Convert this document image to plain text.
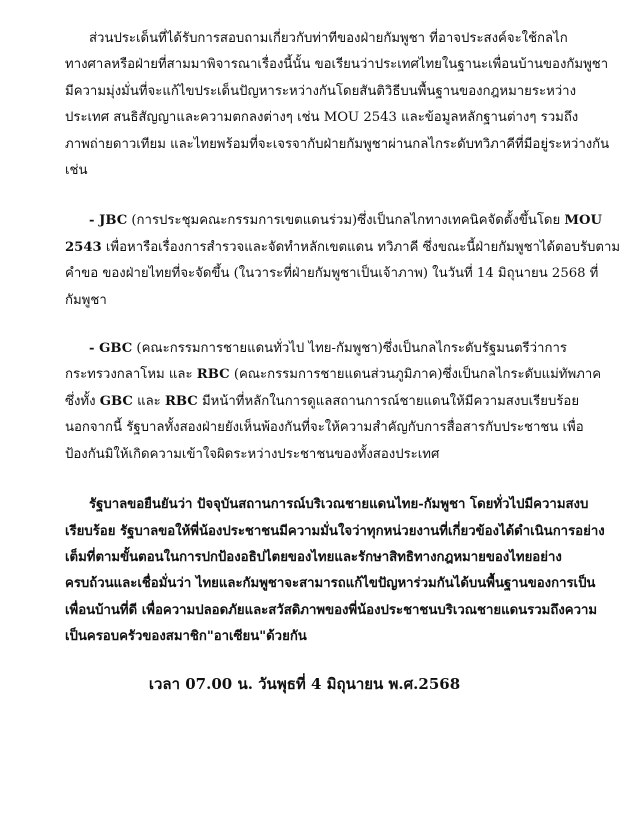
ส่วนประเด็นที่ได้รับการสอบถามเกี่ยวกับท่าทีของฝ่ายกัมพูชา ที่อาจประสงค์จะใช้กลไก
ทางศาลหรือฝ่ายที่สามมาพิจารณาเรื่องนี้นั้น ขอเรียนว่าประเทศไทยในฐานะเพื่อนบ้านของกัมพูชา
มีความมุ่งมั่นที่จะแก้ไขประเด็นปัญหาระหว่างกันโดยสันติวิธีบนพื้นฐานของกฎหมายระหว่าง
ประเทศ สนธิสัญญาและความตกลงต่างๆ เช่น MOU 2543 และข้อมูลหลักฐานต่างๆ รวมถึง
ภาพถ่ายดาวเทียม และไทยพร้อมที่จะเจรจากับฝ่ายกัมพูชาผ่านกลไกระดับทวิภาคีที่มีอยู่ระหว่างกัน
เช่น
- JBC (การประชุมคณะกรรมการเขตแดนร่วม)ซึ่งเป็นกลไกทางเทคนิคจัดตั้งขึ้นโดย MOU
2543 เพื่อหารือเรื่องการสำรวจและจัดทำหลักเขตแดน ทวิภาคี ซึ่งขณะนี้ฝ่ายกัมพูชาได้ตอบรับตาม
คำขอ ของฝ่ายไทยที่จะจัดขึ้น (ในวาระที่ฝ่ายกัมพูชาเป็นเจ้าภาพ) ในวันที่ 14 มิถุนายน 2568 ที่
กัมพูชา
- GBC (คณะกรรมการชายแดนทั่วไป ไทย-กัมพูชา)ซึ่งเป็นกลไกระดับรัฐมนตรีว่าการ
กระทรวงกลาโหม และ RBC (คณะกรรมการชายแดนส่วนภูมิภาค)ซึ่งเป็นกลไกระดับแม่ทัพภาค
ซึ่งทั้ง GBC และ RBC มีหน้าที่หลักในการดูแลสถานการณ์ชายแดนให้มีความสงบเรียบร้อย
นอกจากนี้ รัฐบาลทั้งสองฝ่ายยังเห็นพ้องกันที่จะให้ความสำคัญกับการสื่อสารกับประชาชน เพื่อ
ป้องกันมิให้เกิดความเข้าใจผิดระหว่างประชาชนของทั้งสองประเทศ
รัฐบาลขอยืนยันว่า ปัจจุบันสถานการณ์บริเวณชายแดนไทย-กัมพูชา โดยทั่วไปมีความสงบ
เรียบร้อย รัฐบาลขอให้พี่น้องประชาชนมีความมั่นใจว่าทุกหน่วยงานที่เกี่ยวข้องได้ดำเนินการอย่าง
เต็มที่ตามขั้นตอนในการปกป้องอธิปไตยของไทยและรักษาสิทธิทางกฎหมายของไทยอย่าง
ครบถ้วนและเชื่อมั่นว่า ไทยและกัมพูชาจะสามารถแก้ไขปัญหาร่วมกันได้บนพื้นฐานของการเป็น
เพื่อนบ้านที่ดี เพื่อความปลอดภัยและสวัสดิภาพของพี่น้องประชาชนบริเวณชายแดนรวมถึงความ
เป็นครอบครัวของสมาชิก"อาเซียน"ด้วยกัน
เวลา 07.00 น. วันพุธที่ 4 มิถุนายน พ.ศ.2568
